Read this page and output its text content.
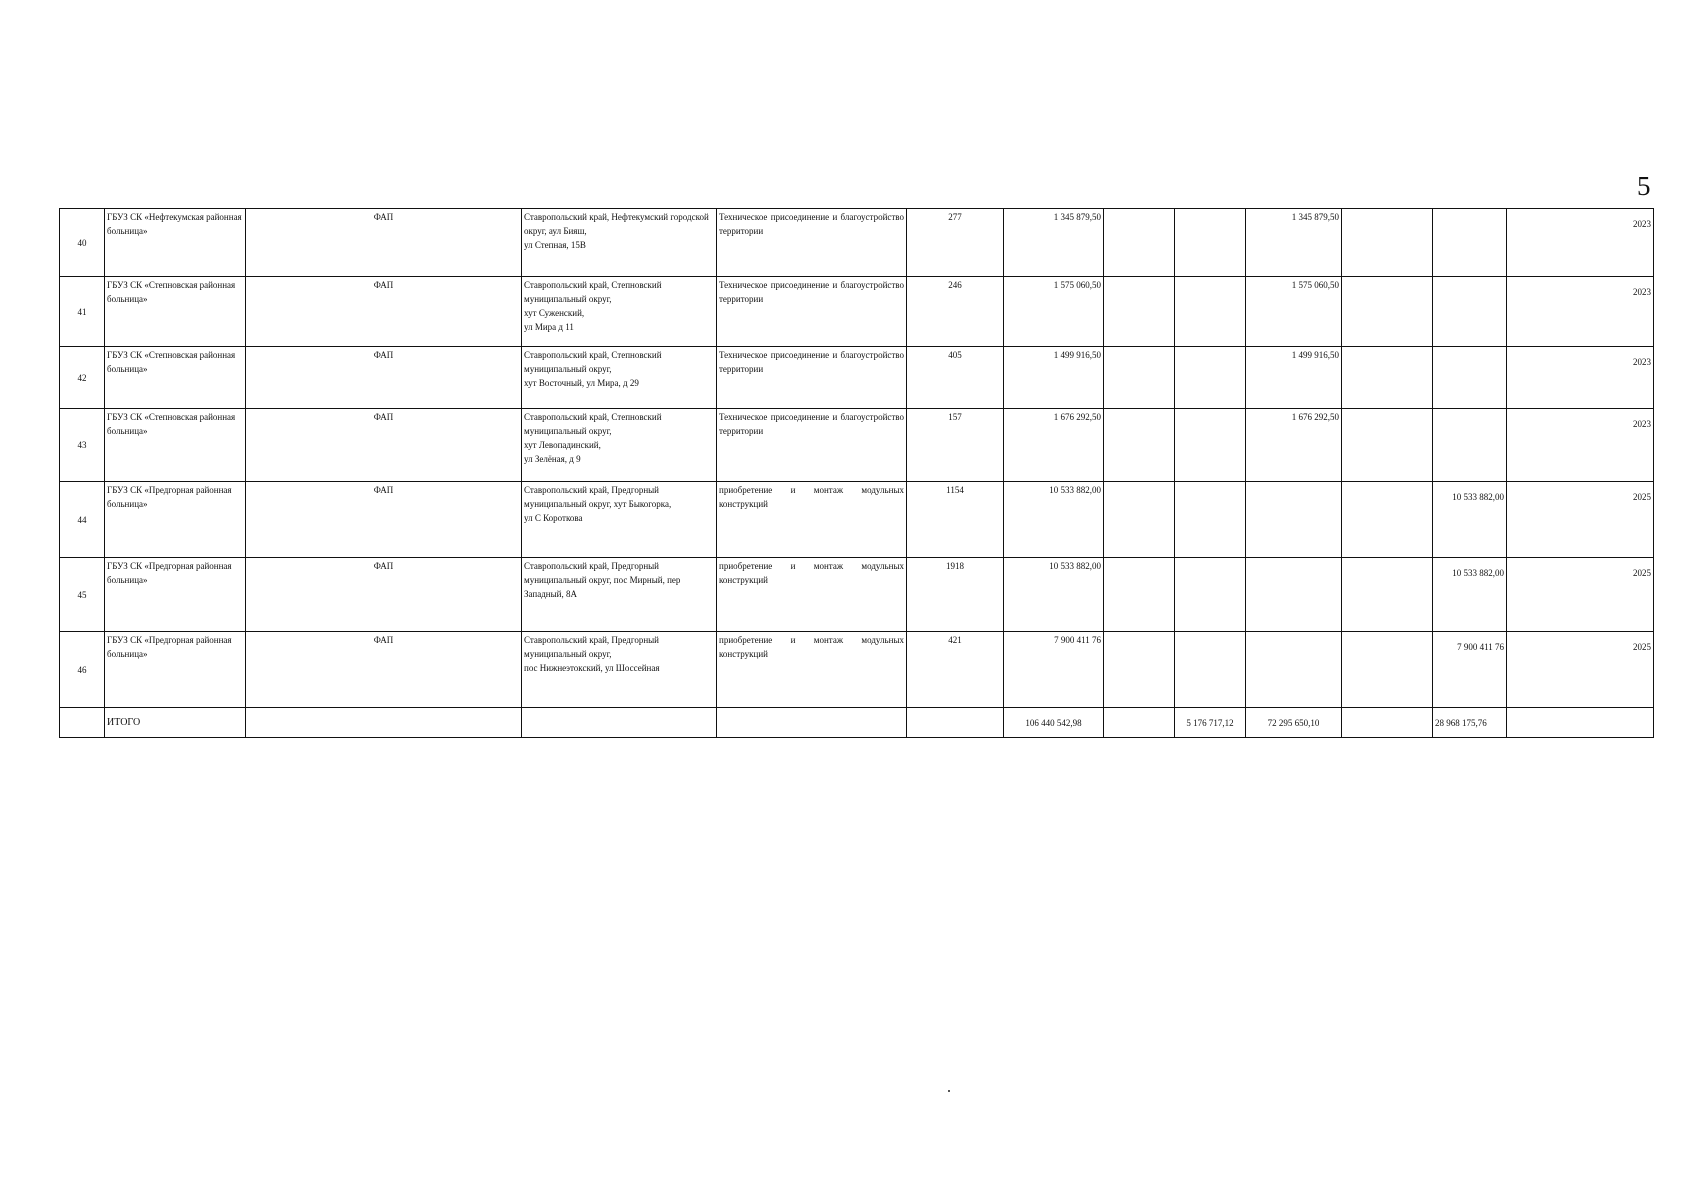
5
40	ГБУЗ СК «Нефтекумская районная больница»	ФАП	Ставропольский край, Нефтекумский городской округ, аул Бияш,
ул Степная, 15В	Техническое присоединение и благоустройство территории	277	1 345 879,50			1 345 879,50			2023
41	ГБУЗ СК «Степновская районная больница»	ФАП	Ставропольский край, Степновский муниципальный округ,
хут Суженский,
ул Мира д 11	Техническое присоединение и благоустройство территории	246	1 575 060,50			1 575 060,50			2023
42	ГБУЗ СК «Степновская районная больница»	ФАП	Ставропольский край, Степновский муниципальный округ,
хут Восточный, ул Мира, д 29	Техническое присоединение и благоустройство территории	405	1 499 916,50			1 499 916,50			2023
43	ГБУЗ СК «Степновская районная больница»	ФАП	Ставропольский край, Степновский муниципальный округ,
хут Левопадинский,
ул Зелёная, д 9	Техническое присоединение и благоустройство территории	157	1 676 292,50			1 676 292,50			2023
44	ГБУЗ СК «Предгорная районная больница»	ФАП	Ставропольский край, Предгорный муниципальный округ, хут Быкогорка,
ул С Короткова	приобретение и монтаж модульных конструкций	1154	10 533 882,00					10 533 882,00	2025
45	ГБУЗ СК «Предгорная районная больница»	ФАП	Ставропольский край, Предгорный муниципальный округ, пос Мирный, пер Западный, 8А	приобретение и монтаж модульных конструкций	1918	10 533 882,00					10 533 882,00	2025
46	ГБУЗ СК «Предгорная районная больница»	ФАП	Ставропольский край, Предгорный муниципальный округ,
пос Нижнеэтокский, ул Шоссейная	приобретение и монтаж модульных конструкций	421	7 900 411 76					7 900 411 76	2025
	ИТОГО					106 440 542,98		5 176 717,12	72 295 650,10		28 968 175,76	
